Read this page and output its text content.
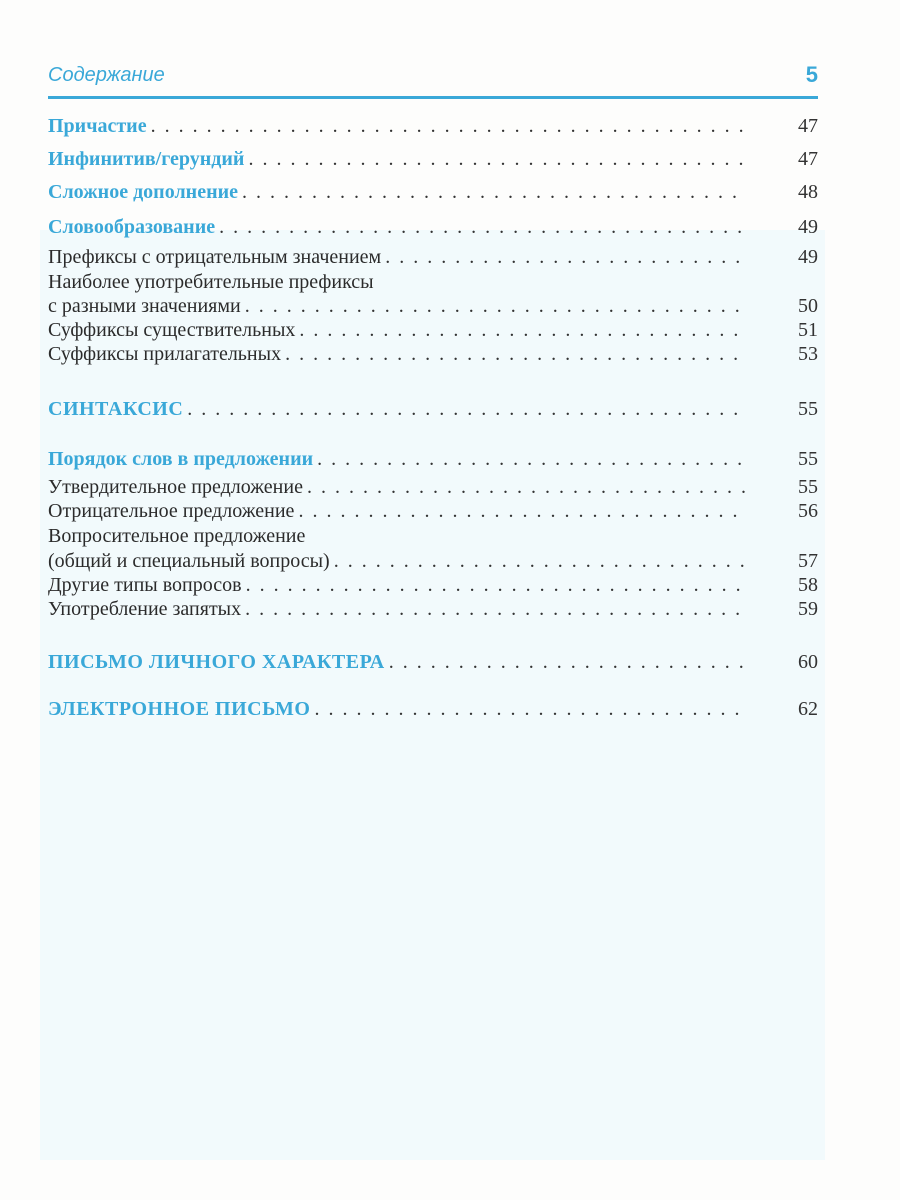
Содержание	5
Причастие . . .	47
Инфинитив/герундий . . .	47
Сложное дополнение . . .	48
Словообразование . . .	49
Префиксы с отрицательным значением . . .	49
Наиболее употребительные префиксы
с разными значениями . . .	50
Суффиксы существительных . . .	51
Суффиксы прилагательных . . .	53
СИНТАКСИС . . .	55
Порядок слов в предложении . . .	55
Утвердительное предложение . . .	55
Отрицательное предложение . . .	56
Вопросительное предложение
(общий и специальный вопросы) . . .	57
Другие типы вопросов . . .	58
Употребление запятых . . .	59
ПИСЬМО ЛИЧНОГО ХАРАКТЕРА . . .	60
ЭЛЕКТРОННОЕ ПИСЬМО . . .	62
